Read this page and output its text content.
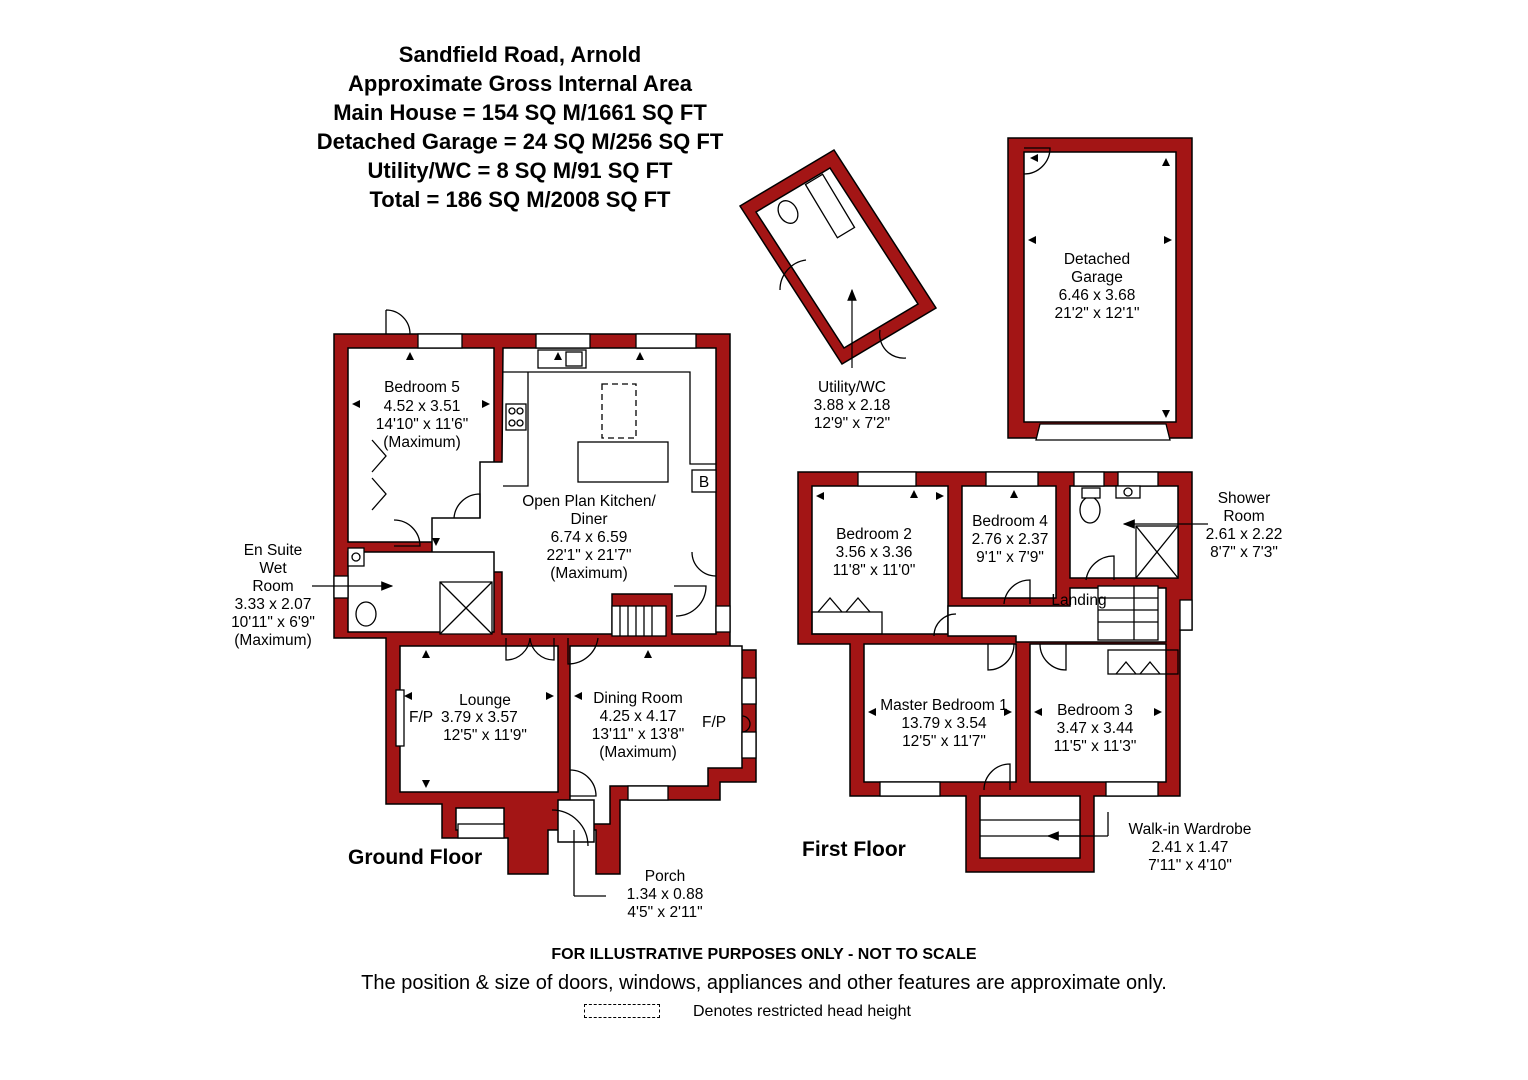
Sandfield Road, Arnold
Approximate Gross Internal Area
Main House = 154 SQ M/1661 SQ FT
Detached Garage = 24 SQ M/256 SQ FT
Utility/WC = 8 SQ M/91 SQ FT
Total = 186 SQ M/2008 SQ FT
Bedroom 5
4.52 x 3.51
14'10" x 11'6"
(Maximum)
Open Plan Kitchen/
Diner
6.74 x 6.59
22'1" x 21'7"
(Maximum)
B
En Suite
Wet
Room
3.33 x 2.07
10'11" x 6'9"
(Maximum)
Lounge
F/P 3.79 x 3.57
12'5" x 11'9"
Dining Room
4.25 x 4.17
13'11" x 13'8"
(Maximum)
F/P
Porch
1.34 x 0.88
4'5" x 2'11"
Utility/WC
3.88 x 2.18
12'9" x 7'2"
Detached
Garage
6.46 x 3.68
21'2" x 12'1"
Bedroom 2
3.56 x 3.36
11'8" x 11'0"
Bedroom 4
2.76 x 2.37
9'1" x 7'9"
Shower
Room
2.61 x 2.22
8'7" x 7'3"
Landing
Master Bedroom 1
13.79 x 3.54
12'5" x 11'7"
Bedroom 3
3.47 x 3.44
11'5" x 11'3"
Walk-in Wardrobe
2.41 x 1.47
7'11" x 4'10"
Ground Floor	First Floor
FOR ILLUSTRATIVE PURPOSES ONLY - NOT TO SCALE
The position & size of doors, windows, appliances and other features are approximate only.
Denotes restricted head height
